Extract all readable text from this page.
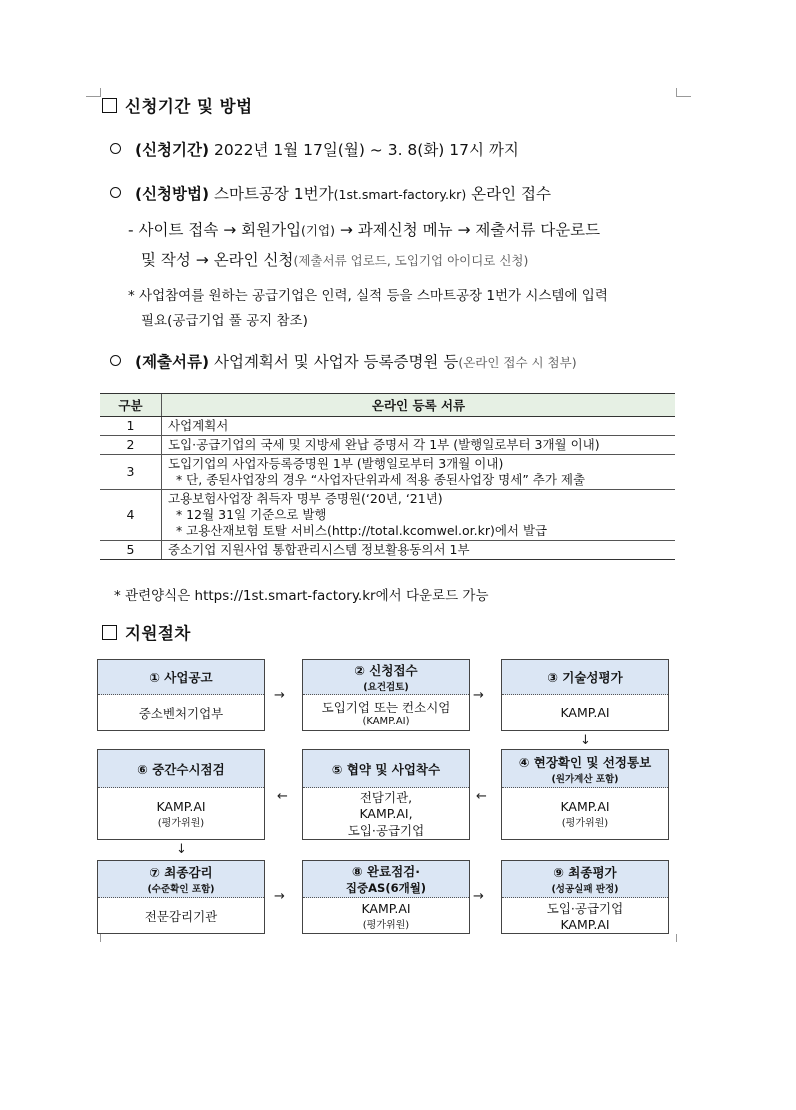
신청기간 및 방법
(신청기간) 2022년 1월 17일(월) ~ 3. 8(화) 17시 까지
(신청방법) 스마트공장 1번가(1st.smart-factory.kr) 온라인 접수
- 사이트 접속 → 회원가입(기업) → 과제신청 메뉴 → 제출서류 다운로드
및 작성 → 온라인 신청(제출서류 업로드, 도입기업 아이디로 신청)
* 사업참여를 원하는 공급기업은 인력, 실적 등을 스마트공장 1번가 시스템에 입력
필요(공급기업 풀 공지 참조)
(제출서류) 사업계획서 및 사업자 등록증명원 등(온라인 접수 시 첨부)
구분	온라인 등록 서류
1	사업계획서

2	도입·공급기업의 국세 및 지방세 완납 증명서 각 1부 (발행일로부터 3개월 이내)

3	도입기업의 사업자등록증명원 1부 (발행일로부터 3개월 이내)
* 단, 종된사업장의 경우 “사업자단위과세 적용 종된사업장 명세” 추가 제출

4	고용보험사업장 취득자 명부 증명원(‘20년, ‘21년)
* 12월 31일 기준으로 발행
* 고용산재보험 토탈 서비스(http://total.kcomwel.or.kr)에서 발급

5	중소기업 지원사업 통합관리시스템 정보활용동의서 1부
* 관련양식은 https://1st.smart-factory.kr에서 다운로드 가능
지원절차
① 사업공고
중소벤처기업부
② 신청접수
(요건검토)
도입기업 또는 컨소시엄
(KAMP.AI)
③ 기술성평가
KAMP.AI
⑥ 중간수시점검
KAMP.AI
(평가위원)
⑤ 협약 및 사업착수
전담기관,
KAMP.AI,
도입·공급기업
④ 현장확인 및 선정통보
(원가계산 포함)
KAMP.AI
(평가위원)
⑦ 최종감리
(수준확인 포함)
전문감리기관
⑧ 완료점검·
집중AS(6개월)
KAMP.AI
(평가위원)
⑨ 최종평가
(성공실패 판정)
도입·공급기업
KAMP.AI
→	→
↓
←
←
↓
→	→
